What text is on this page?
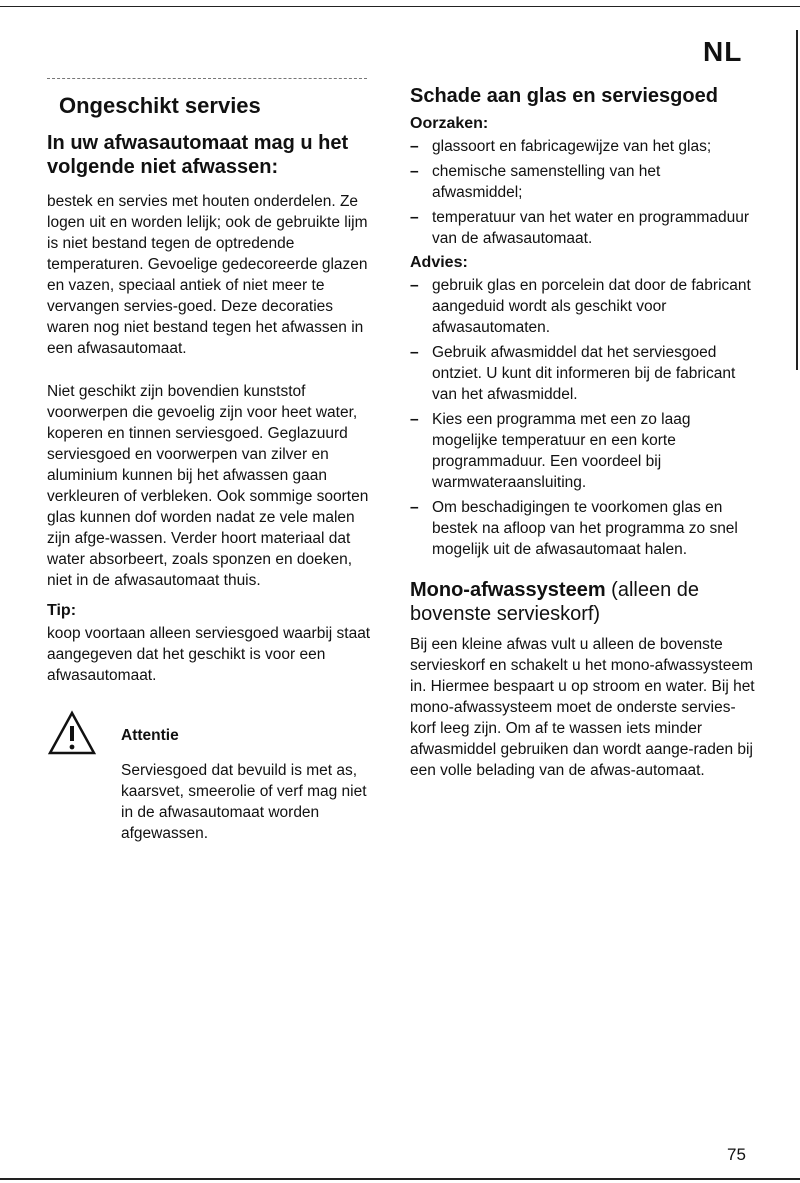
NL
Ongeschikt servies
In uw afwasautomaat mag u het volgende niet afwassen:

bestek en servies met houten onderdelen. Ze logen uit en worden lelijk; ook de gebruikte lijm is niet bestand tegen de optredende temperaturen. Gevoelige gedecoreerde glazen en vazen, speciaal antiek of niet meer te vervangen servies-goed. Deze decoraties waren nog niet bestand tegen het afwassen in een afwasautomaat.

Niet geschikt zijn bovendien kunststof voorwerpen die gevoelig zijn voor heet water, koperen en tinnen serviesgoed. Geglazuurd serviesgoed en voorwerpen van zilver en aluminium kunnen bij het afwassen gaan verkleuren of verbleken. Ook sommige soorten glas kunnen dof worden nadat ze vele malen zijn afge-wassen. Verder hoort materiaal dat water absorbeert, zoals sponzen en doeken, niet in de afwasautomaat thuis.

Tip:

koop voortaan alleen serviesgoed waarbij staat aangegeven dat het geschikt is voor een afwasautomaat.

Attentie

Serviesgoed dat bevuild is met as, kaarsvet, smeerolie of verf mag niet in de afwasautomaat worden afgewassen.

Schade aan glas en serviesgoed
Oorzaken:
– glassoort en fabricagewijze van het glas;
– chemische samenstelling van het afwasmiddel;
– temperatuur van het water en programmaduur van de afwasautomaat.
Advies:
– gebruik glas en porcelein dat door de fabricant aangeduid wordt als geschikt voor afwasautomaten.
– Gebruik afwasmiddel dat het serviesgoed ontziet. U kunt dit informeren bij de fabricant van het afwasmiddel.
– Kies een programma met een zo laag mogelijke temperatuur en een korte programmaduur. Een voordeel bij warmwateraansluiting.
– Om beschadigingen te voorkomen glas en bestek na afloop van het programma zo snel mogelijk uit de afwasautomaat halen.
Mono-afwassysteem (alleen de bovenste servieskorf)

Bij een kleine afwas vult u alleen de bovenste servieskorf en schakelt u het mono-afwassysteem in. Hiermee bespaart u op stroom en water. Bij het mono-afwassysteem moet de onderste servies-korf leeg zijn. Om af te wassen iets minder afwasmiddel gebruiken dan wordt aange-raden bij een volle belading van de afwas-automaat.

75
